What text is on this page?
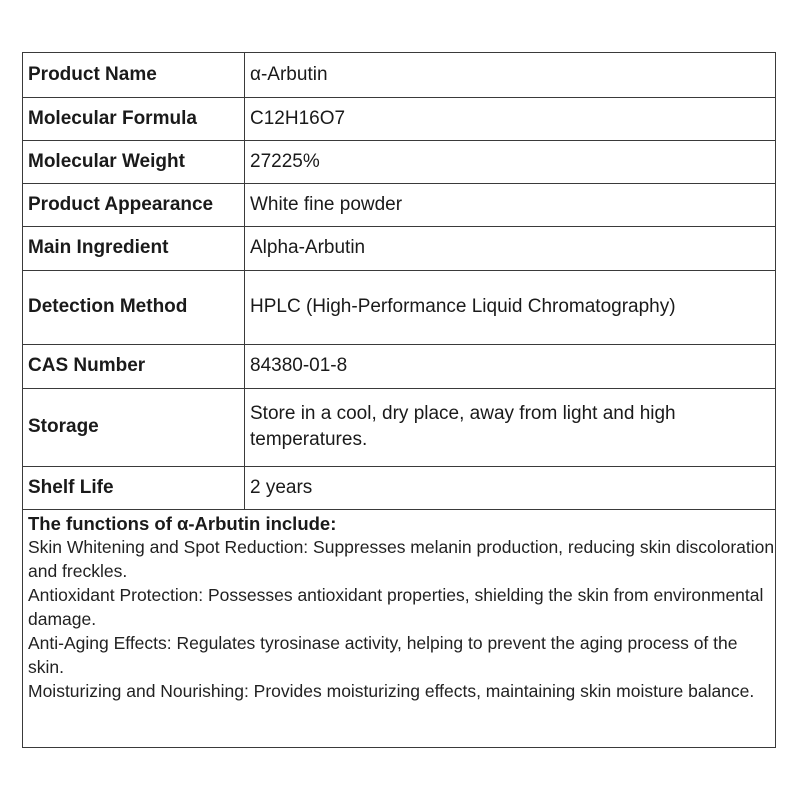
Product Name	α-Arbutin
Molecular Formula	C12H16O7
Molecular Weight	27225%
Product Appearance	White fine powder
Main Ingredient	Alpha-Arbutin
Detection Method	HPLC (High-Performance Liquid Chromatography)
CAS Number	84380-01-8
Storage	Store in a cool, dry place, away from light and high temperatures.
Shelf Life	2 years

The functions of α-Arbutin include:

Skin Whitening and Spot Reduction: Suppresses melanin production, reducing skin discoloration and freckles.

Antioxidant Protection: Possesses antioxidant properties, shielding the skin from environmental damage.

Anti-Aging Effects: Regulates tyrosinase activity, helping to prevent the aging process of the skin.

Moisturizing and Nourishing: Provides moisturizing effects, maintaining skin moisture balance.
